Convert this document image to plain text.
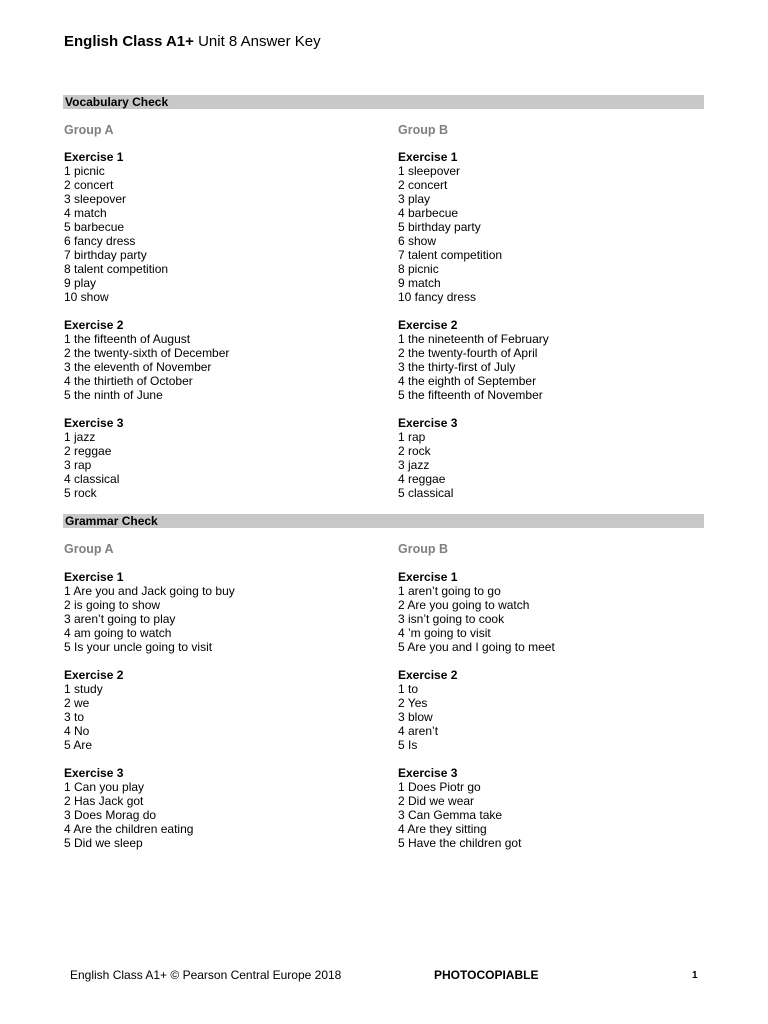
English Class A1+ Unit 8 Answer Key
Vocabulary Check
Group A	Group B
Exercise 1
1 picnic
2 concert
3 sleepover
4 match
5 barbecue
6 fancy dress
7 birthday party
8 talent competition
9 play
10 show
Exercise 2
1 the fifteenth of August
2 the twenty-sixth of December
3 the eleventh of November
4 the thirtieth of October
5 the ninth of June
Exercise 3
1 jazz
2 reggae
3 rap
4 classical
5 rock
Exercise 1
1 sleepover
2 concert
3 play
4 barbecue
5 birthday party
6 show
7 talent competition
8 picnic
9 match
10 fancy dress
Exercise 2
1 the nineteenth of February
2 the twenty-fourth of April
3 the thirty-first of July
4 the eighth of September
5 the fifteenth of November
Exercise 3
1 rap
2 rock
3 jazz
4 reggae
5 classical
Grammar Check
Group A	Group B
Exercise 1
1 Are you and Jack going to buy
2 is going to show
3 aren’t going to play
4 am going to watch
5 Is your uncle going to visit
Exercise 2
1 study
2 we
3 to
4 No
5 Are
Exercise 3
1 Can you play
2 Has Jack got
3 Does Morag do
4 Are the children eating
5 Did we sleep
Exercise 1
1 aren’t going to go
2 Are you going to watch
3 isn’t going to cook
4 ’m going to visit
5 Are you and I going to meet
Exercise 2
1 to
2 Yes
3 blow
4 aren’t
5 Is
Exercise 3
1 Does Piotr go
2 Did we wear
3 Can Gemma take
4 Are they sitting
5 Have the children got
English Class A1+ © Pearson Central Europe 2018	PHOTOCOPIABLE	1
